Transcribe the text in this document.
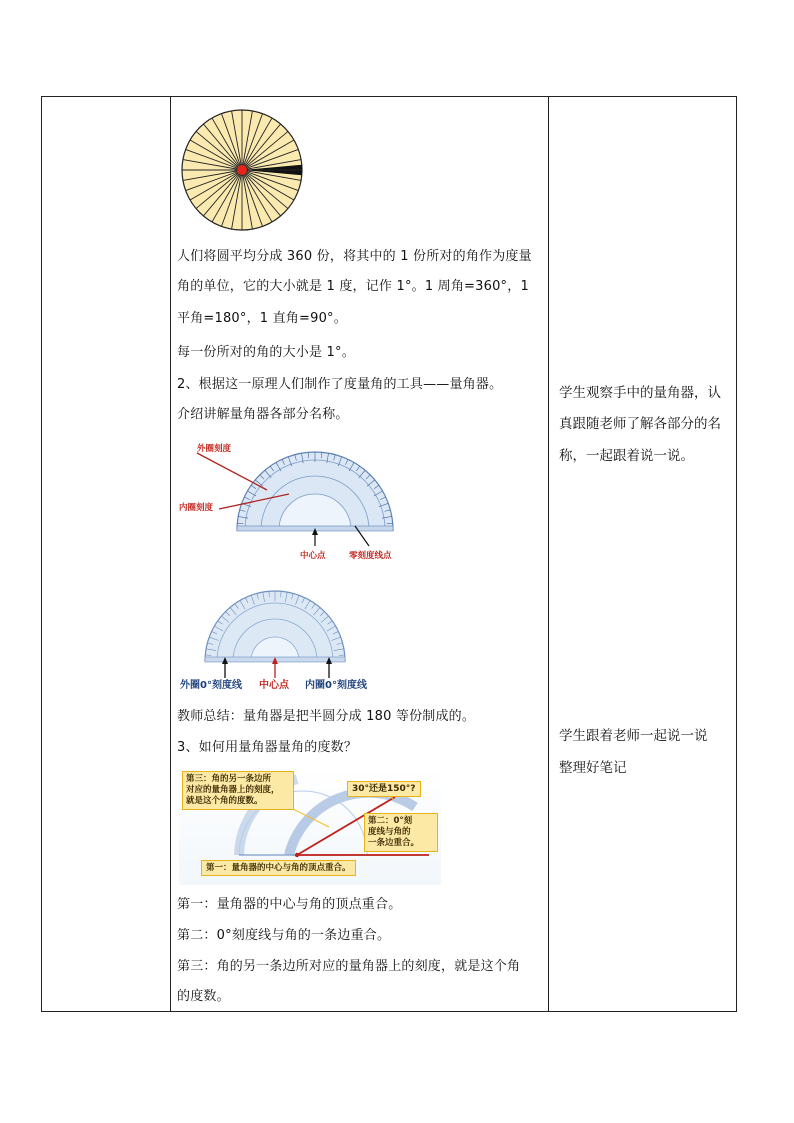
人们将圆平均分成 360 份，将其中的 1 份所对的角作为度量

角的单位，它的大小就是 1 度，记作 1°。1 周角=360°，1

平角=180°，1 直角=90°。

每一份所对的角的大小是 1°。

2、根据这一原理人们制作了度量角的工具——量角器。

介绍讲解量角器各部分名称。

外圈刻度
内圈刻度
中心点	零刻度线点
外圈0°刻度线 中心点 内圈0°刻度线

教师总结：量角器是把半圆分成 180 等份制成的。

3、如何用量角器量角的度数？

第三：角的另一条边所
对应的量角器上的刻度，
就是这个角的度数。
30°还是150°?
第二：0°刻
度线与角的
一条边重合。
第一：量角器的中心与角的顶点重合。

第一：量角器的中心与角的顶点重合。

第二：0°刻度线与角的一条边重合。

第三：角的另一条边所对应的量角器上的刻度，就是这个角

的度数。

学生观察手中的量角器，认

真跟随老师了解各部分的名

称，一起跟着说一说。

学生跟着老师一起说一说

整理好笔记
